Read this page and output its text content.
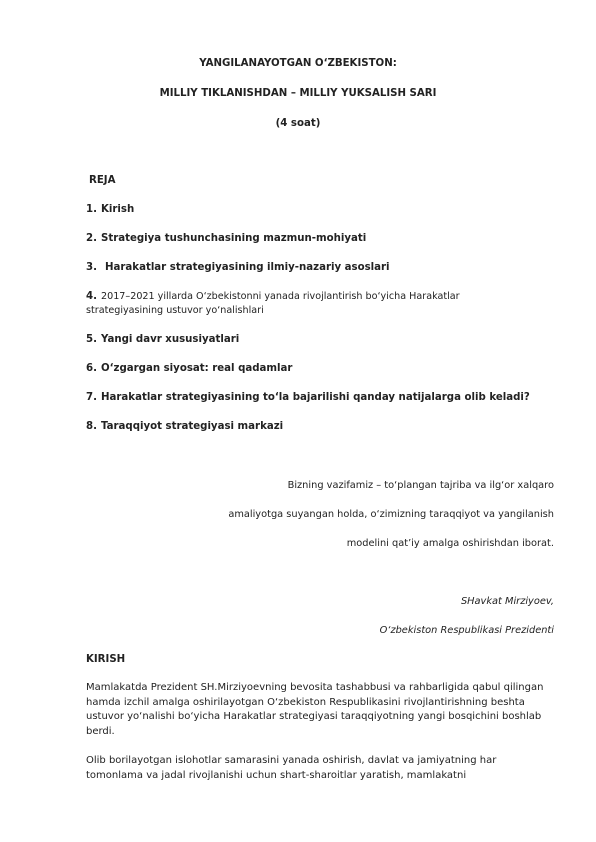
YANGILANAYOTGAN O‘ZBEKISTON:
MILLIY TIKLANISHDAN – MILLIY YUKSALISH SARI
(4 soat)
REJA
1. Kirish
2. Strategiya tushunchasining mazmun-mohiyati
3. Harakatlar strategiyasining ilmiy-nazariy asoslari
4. 2017–2021 yillarda O‘zbekistonni yanada rivojlantirish bo‘yicha Harakatlar
strategiyasining ustuvor yo‘nalishlari
5. Yangi davr xususiyatlari
6. O‘zgargan siyosat: real qadamlar
7. Harakatlar strategiyasining to‘la bajarilishi qanday natijalarga olib keladi?
8. Taraqqiyot strategiyasi markazi
Bizning vazifamiz – to‘plangan tajriba va ilg‘or xalqaro
amaliyotga suyangan holda, o‘zimizning taraqqiyot va yangilanish
modelini qat’iy amalga oshirishdan iborat.
SHavkat Mirziyoev,
O‘zbekiston Respublikasi Prezidenti
KIRISH
Mamlakatda Prezident SH.Mirziyoevning bevosita tashabbusi va rahbarligida qabul qilingan
hamda izchil amalga oshirilayotgan O‘zbekiston Respublikasini rivojlantirishning beshta
ustuvor yo‘nalishi bo‘yicha Harakatlar strategiyasi taraqqiyotning yangi bosqichini boshlab
berdi.
Olib borilayotgan islohotlar samarasini yanada oshirish, davlat va jamiyatning har
tomonlama va jadal rivojlanishi uchun shart-sharoitlar yaratish, mamlakatni
